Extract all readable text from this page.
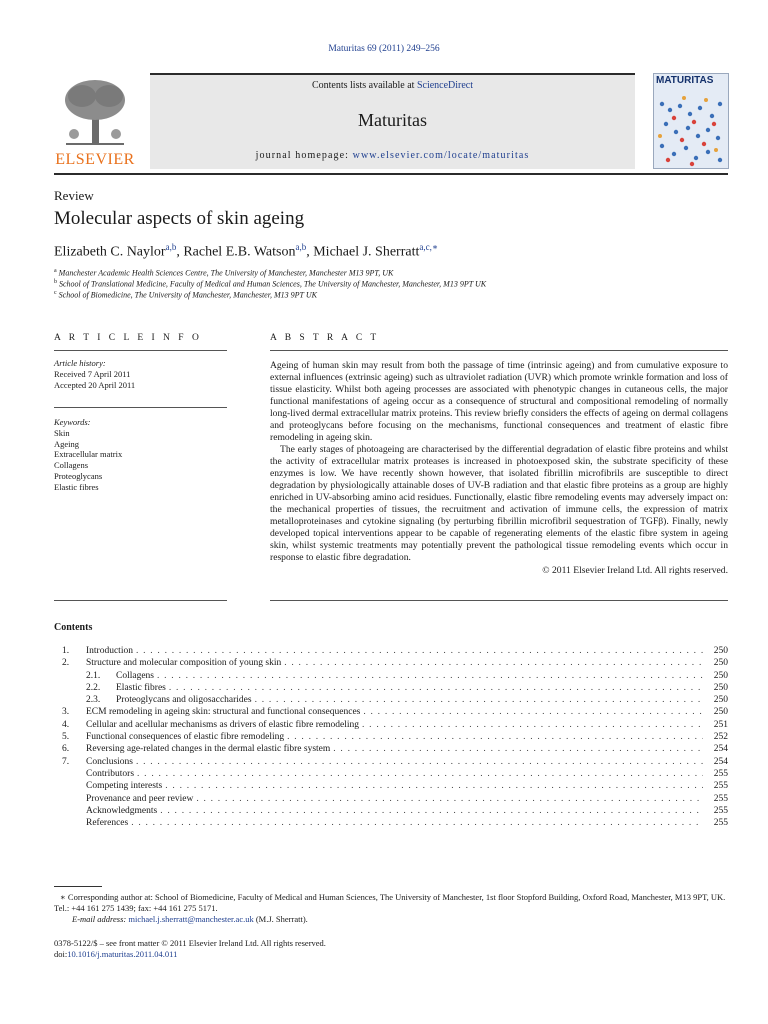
Maturitas 69 (2011) 249–256
ELSEVIER
Contents lists available at ScienceDirect
Maturitas
journal homepage: www.elsevier.com/locate/maturitas
MATURITAS
Review
Molecular aspects of skin ageing
Elizabeth C. Naylor$^{a,b}$, Rachel E.B. Watson$^{a,b}$, Michael J. Sherratt$^{a,c,∗}$
$^a$ Manchester Academic Health Sciences Centre, The University of Manchester, Manchester M13 9PT, UK
$^b$ School of Translational Medicine, Faculty of Medical and Human Sciences, The University of Manchester, Manchester, M13 9PT UK
$^c$ School of Biomedicine, The University of Manchester, Manchester, M13 9PT UK
A R T I C L E I N F O
Article history:
Received 7 April 2011
Accepted 20 April 2011
Keywords:
Skin
Ageing
Extracellular matrix
Collagens
Proteoglycans
Elastic fibres
A B S T R A C T

Ageing of human skin may result from both the passage of time (intrinsic ageing) and from cumulative exposure to external influences (extrinsic ageing) such as ultraviolet radiation (UVR) which promote wrinkle formation and loss of tissue elasticity. Whilst both ageing processes are associated with phenotypic changes in cutaneous cells, the major functional manifestations of ageing occur as a consequence of structural and compositional remodeling of normally long-lived dermal extracellular matrix proteins. This review briefly considers the effects of ageing on dermal collagens and proteoglycans before focusing on the mechanisms, functional consequences and treatment of elastic fibre remodeling in ageing skin.

The early stages of photoageing are characterised by the differential degradation of elastic fibre proteins and whilst the activity of extracellular matrix proteases is increased in photoexposed skin, the substrate specificity of these enzymes is low. We have recently shown however, that isolated fibrillin microfibrils are susceptible to direct degradation by physiologically attainable doses of UV-B radiation and that elastic fibre proteins as a group are highly enriched in UV-absorbing amino acid residues. Functionally, elastic fibre remodeling events may adversely impact on: the mechanical properties of tissues, the recruitment and activation of immune cells, the expression of matrix metalloproteinases and cytokine signaling (by perturbing fibrillin microfibril sequestration of TGFβ). Finally, newly developed topical interventions appear to be capable of regenerating elements of the elastic fibre system in ageing skin, whilst systemic treatments may potentially prevent the pathological tissue remodeling events which occur in response to elastic fibre degradation.

© 2011 Elsevier Ireland Ltd. All rights reserved.

Contents
1.	Introduction . . .	250
2.	Structure and molecular composition of young skin . . .	250
2.1.	Collagens . . .	250
2.2.	Elastic fibres . . .	250
2.3.	Proteoglycans and oligosaccharides . . .	250
3.	ECM remodeling in ageing skin: structural and functional consequences . . .	250
4.	Cellular and acellular mechanisms as drivers of elastic fibre remodeling . . .	251
5.	Functional consequences of elastic fibre remodeling . . .	252
6.	Reversing age-related changes in the dermal elastic fibre system . . .	254
7.	Conclusions . . .	254
Contributors . . .	255
Competing interests . . .	255
Provenance and peer review . . .	255
Acknowledgments . . .	255
References . . .	255
∗ Corresponding author at: School of Biomedicine, Faculty of Medical and Human Sciences, The University of Manchester, 1st floor Stopford Building, Oxford Road, Manchester, M13 9PT, UK. Tel.: +44 161 275 1439; fax: +44 161 275 5171.
E-mail address: michael.j.sherratt@manchester.ac.uk (M.J. Sherratt).
0378-5122/$ – see front matter © 2011 Elsevier Ireland Ltd. All rights reserved.
doi:10.1016/j.maturitas.2011.04.011
